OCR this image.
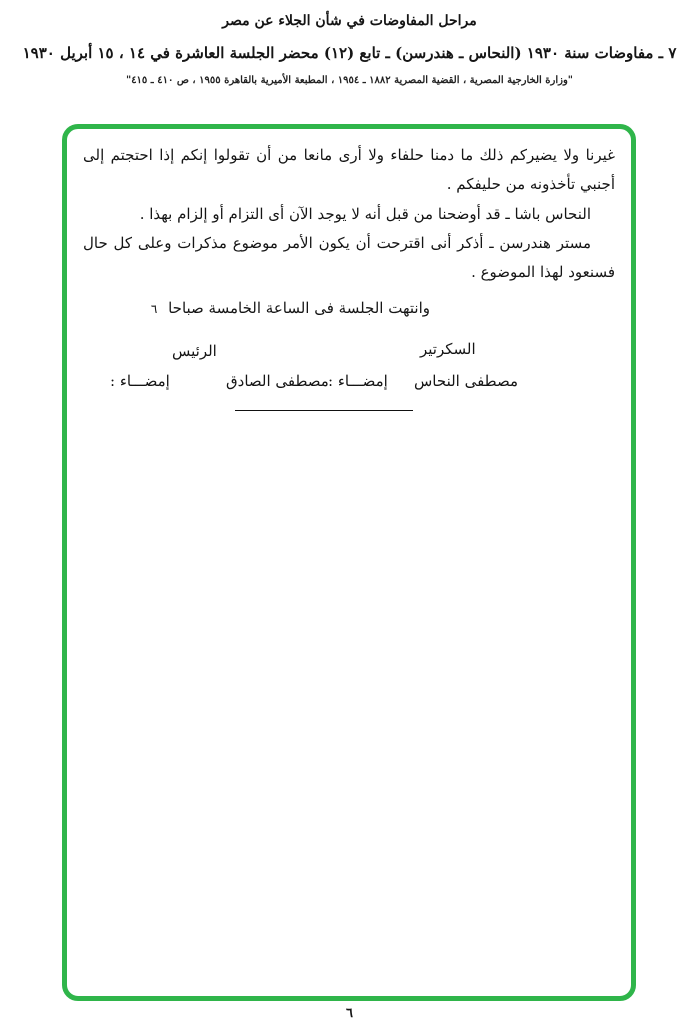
مراحل المفاوضات في شأن الجلاء عن مصر
٧ ـ مفاوضات سنة ١٩٣٠ (النحاس ـ هندرسن) ـ تابع (١٢) محضر الجلسة العاشرة في ١٤ ، ١٥ أبريل ١٩٣٠
"وزارة الخارجية المصرية ، القضية المصرية ١٨٨٢ ـ ١٩٥٤ ، المطبعة الأميرية بالقاهرة ١٩٥٥ ، ص ٤١٠ ـ ٤١٥"

غيرنا ولا يضيركم ذلك ما دمنا حلفاء ولا أرى مانعا من أن تقولوا إنكم إذا احتجتم إلى أجنبي تأخذونه من حليفكم .

النحاس باشا ـ قد أوضحنا من قبل أنه لا يوجد الآن أى التزام أو إلزام بهذا .

مستر هندرسن ـ أذكر أنى اقترحت أن يكون الأمر موضوع مذكرات وعلى كل حال فسنعود لهذا الموضوع .

وانتهت الجلسة فى الساعة الخامسة صباحا ٦

السكرتير
الرئيس
إمضـــاء :	مصطفى الصادق إمضـــاء : مصطفى النحاس
٦
